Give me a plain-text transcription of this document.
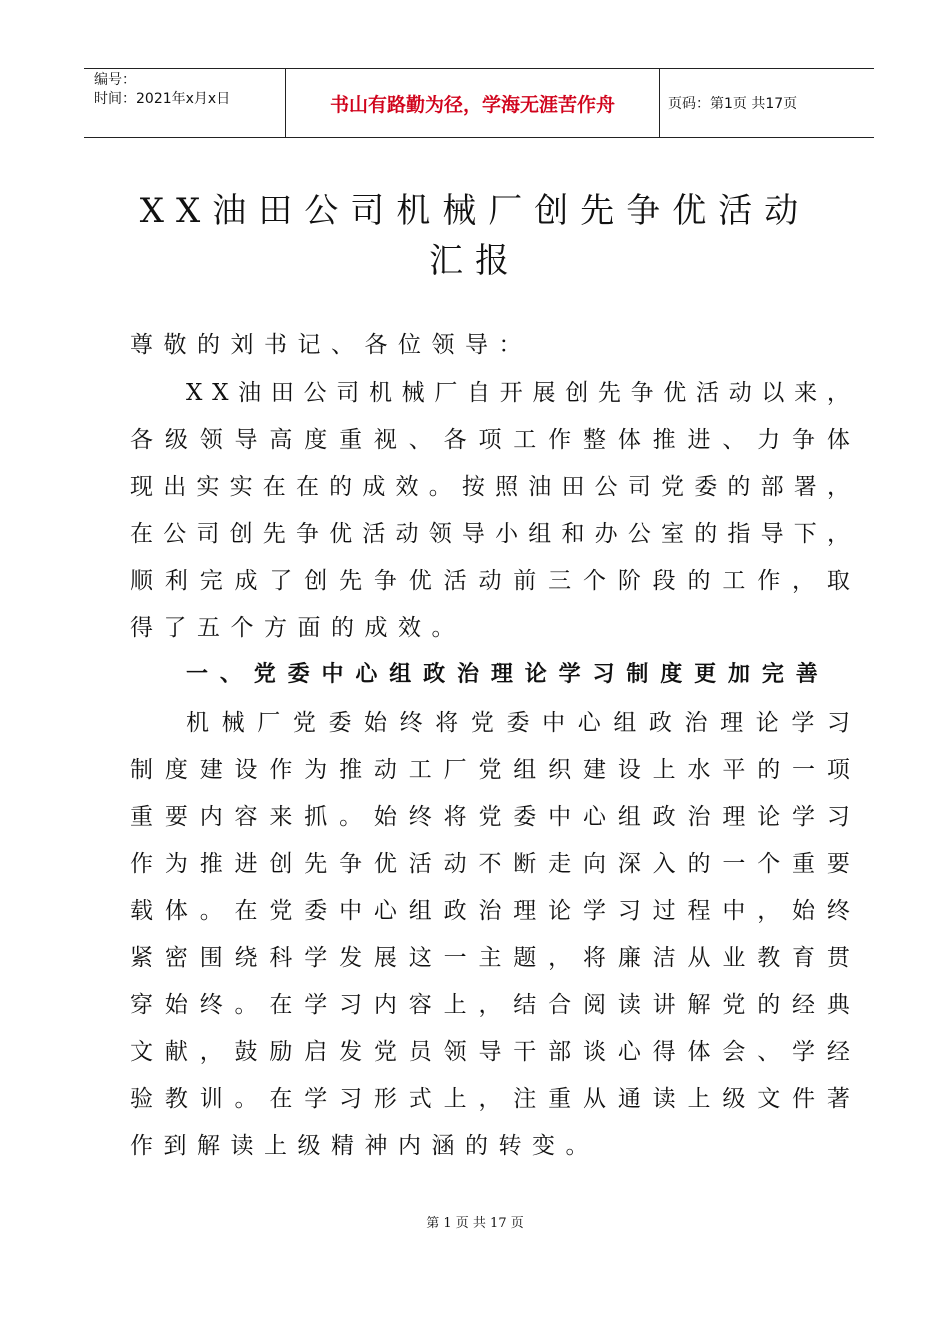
编号：
时间：2021年x月x日	书山有路勤为径，学海无涯苦作舟	页码：第1页 共17页
XX油田公司机械厂创先争优活动
汇报
尊敬的刘书记、各位领导：
X X 油 田 公 司 机 械 厂 自 开 展 创 先 争 优 活 动 以 来 ，
各 级 领 导 高 度 重 视 、 各 项 工 作 整 体 推 进 、 力 争 体
现 出 实 实 在 在 的 成 效 。 按 照 油 田 公 司 党 委 的 部 署 ，
在 公 司 创 先 争 优 活 动 领 导 小 组 和 办 公 室 的 指 导 下 ，
顺 利 完 成 了 创 先 争 优 活 动 前 三 个 阶 段 的 工 作 ， 取
得了五个方面的成效。
一 、 党 委 中 心 组 政 治 理 论 学 习 制 度 更 加 完 善
机 械 厂 党 委 始 终 将 党 委 中 心 组 政 治 理 论 学 习
制 度 建 设 作 为 推 动 工 厂 党 组 织 建 设 上 水 平 的 一 项
重 要 内 容 来 抓 。 始 终 将 党 委 中 心 组 政 治 理 论 学 习
作 为 推 进 创 先 争 优 活 动 不 断 走 向 深 入 的 一 个 重 要
载 体 。 在 党 委 中 心 组 政 治 理 论 学 习 过 程 中 ， 始 终
紧 密 围 绕 科 学 发 展 这 一 主 题 ， 将 廉 洁 从 业 教 育 贯
穿 始 终 。 在 学 习 内 容 上 ， 结 合 阅 读 讲 解 党 的 经 典
文 献 ， 鼓 励 启 发 党 员 领 导 干 部 谈 心 得 体 会 、 学 经
验 教 训 。 在 学 习 形 式 上 ， 注 重 从 通 读 上 级 文 件 著
作到解读上级精神内涵的转变。
第 1 页 共 17 页
